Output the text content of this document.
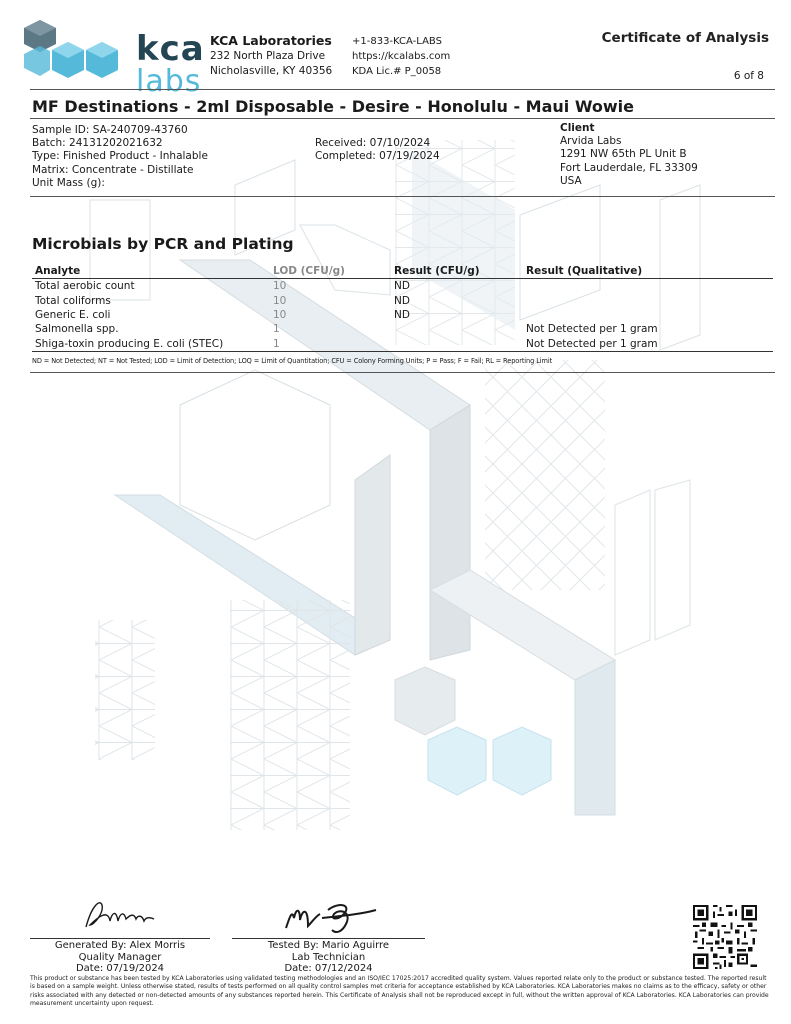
kca
labs
KCA Laboratories
232 North Plaza Drive
Nicholasville, KY 40356
+1-833-KCA-LABS
https://kcalabs.com
KDA Lic.# P_0058
Certificate of Analysis
6 of 8
MF Destinations - 2ml Disposable - Desire - Honolulu - Maui Wowie
Sample ID: SA-240709-43760
Batch: 24131202021632
Type: Finished Product - Inhalable
Matrix: Concentrate - Distillate
Unit Mass (g):
Received: 07/10/2024
Completed: 07/19/2024
Client
Arvida Labs
1291 NW 65th PL Unit B
Fort Lauderdale, FL 33309
USA
Microbials by PCR and Plating
Analyte	LOD (CFU/g)	Result (CFU/g)	Result (Qualitative)
Total aerobic count	10	ND	
Total coliforms	10	ND	
Generic E. coli	10	ND	
Salmonella spp.	1		Not Detected per 1 gram
Shiga-toxin producing E. coli (STEC)	1		Not Detected per 1 gram
ND = Not Detected; NT = Not Tested; LOD = Limit of Detection; LOQ = Limit of Quantitation; CFU = Colony Forming Units; P = Pass; F = Fail; RL = Reporting Limit
Generated By: Alex Morris
Quality Manager
Date: 07/19/2024
Tested By: Mario Aguirre
Lab Technician
Date: 07/12/2024
This product or substance has been tested by KCA Laboratories using validated testing methodologies and an ISO/IEC 17025:2017 accredited quality system. Values reported relate only to the product or substance tested. The reported result is based on a sample weight. Unless otherwise stated, results of tests performed on all quality control samples met criteria for acceptance established by KCA Laboratories. KCA Laboratories makes no claims as to the efficacy, safety or other risks associated with any detected or non-detected amounts of any substances reported herein. This Certificate of Analysis shall not be reproduced except in full, without the written approval of KCA Laboratories. KCA Laboratories can provide measurement uncertainty upon request.
